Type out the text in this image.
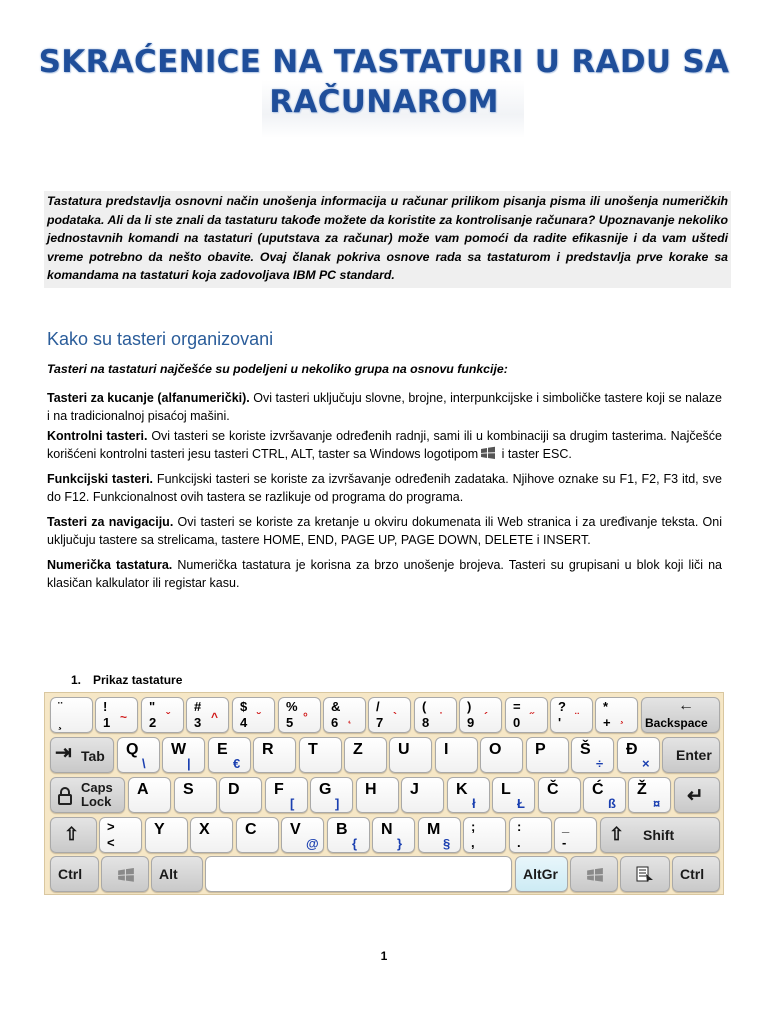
SKRAĆENICE NA TASTATURI U RADU SA
RAČUNAROM
Tastatura predstavlja osnovni način unošenja informacija u računar prilikom pisanja pisma ili unošenja numeričkih podataka. Ali da li ste znali da tastaturu takođe možete da koristite za kontrolisanje računara? Upoznavanje nekoliko jednostavnih komandi na tastaturi (uputstava za računar) može vam pomoći da radite efikasnije i da vam uštedi vreme potrebno da nešto obavite. Ovaj članak pokriva osnove rada sa tastaturom i predstavlja prve korake sa komandama na tastaturi koja zadovoljava IBM PC standard.
Kako su tasteri organizovani
Tasteri na tastaturi najčešće su podeljeni u nekoliko grupa na osnovu funkcije:
Tasteri za kucanje (alfanumerički). Ovi tasteri uključuju slovne, brojne, interpunkcijske i simboličke tastere koji se nalaze i na tradicionalnoj pisaćoj mašini.
Kontrolni tasteri. Ovi tasteri se koriste izvršavanje određenih radnji, sami ili u kombinaciji sa drugim tasterima. Najčešće korišćeni kontrolni tasteri jesu tasteri CTRL, ALT, taster sa Windows logotipom i taster ESC.
Funkcijski tasteri. Funkcijski tasteri se koriste za izvršavanje određenih zadataka. Njihove oznake su F1, F2, F3 itd, sve do F12. Funkcionalnost ovih tastera se razlikuje od programa do programa.
Tasteri za navigaciju. Ovi tasteri se koriste za kretanje u okviru dokumenata ili Web stranica i za uređivanje teksta. Oni uključuju tastere sa strelicama, tastere HOME, END, PAGE UP, PAGE DOWN, DELETE i INSERT.
Numerička tastatura. Numerička tastatura je korisna za brzo unošenje brojeva. Tasteri su grupisani u blok koji liči na klasičan kalkulator ili registar kasu.
1. Prikaz tastature
¨
¸
!
1 ~
"
2 ˇ
#
3 ^
$
4 ˘
%
5 °
&
6 ˛
/
7 `
(
8 ˙
)
9 ´
=
0 ˝
?
' ¨
*
+ ¸
←
Backspace
⇥ Tab Q
\
W
|
E
€
R T Z U I	O P Š
÷
Đ
×
Enter
Caps
Lock
A S D F
[
G
]
H J K
ł
L
Ł
Č Ć
ß
Ž
¤ ↵
⇧ >
<
Y X C V
@
B
{
N
}
M
§
;
,
:
.
_
- ⇧ Shift
Ctrl	Alt	AltGr	Ctrl
1
